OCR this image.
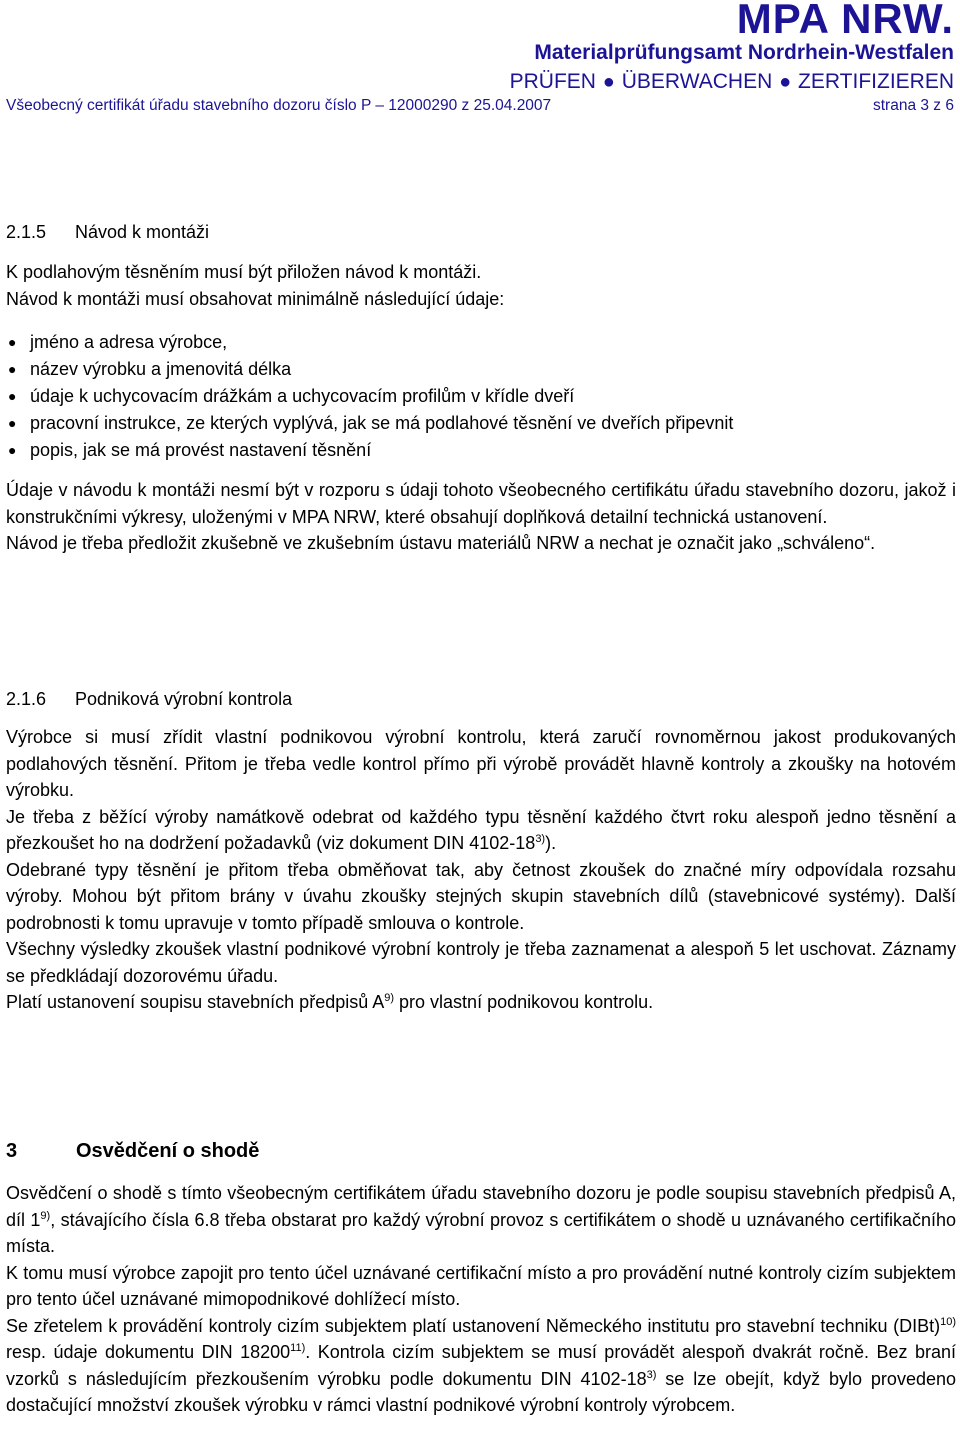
MPA NRW.
Materialprüfungsamt Nordrhein-Westfalen
PRÜFEN ● ÜBERWACHEN ● ZERTIFIZIEREN
Všeobecný certifikát úřadu stavebního dozoru číslo P – 12000290 z 25.04.2007	strana 3 z 6
2.1.5 Návod k montáži

K podlahovým těsněním musí být přiložen návod k montáži.

Návod k montáži musí obsahovat minimálně následující údaje:

● jméno a adresa výrobce,
● název výrobku a jmenovitá délka
● údaje k uchycovacím drážkám a uchycovacím profilům v křídle dveří
● pracovní instrukce, ze kterých vyplývá, jak se má podlahové těsnění ve dveřích připevnit
● popis, jak se má provést nastavení těsnění

Údaje v návodu k montáži nesmí být v rozporu s údaji tohoto všeobecného certifikátu úřadu stavebního dozoru, jakož i konstrukčními výkresy, uloženými v MPA NRW, které obsahují doplňková detailní technická ustanovení.

Návod je třeba předložit zkušebně ve zkušebním ústavu materiálů NRW a nechat je označit jako „schváleno“.

2.1.6 Podniková výrobní kontrola

Výrobce si musí zřídit vlastní podnikovou výrobní kontrolu, která zaručí rovnoměrnou jakost produkovaných podlahových těsnění. Přitom je třeba vedle kontrol přímo při výrobě provádět hlavně kontroly a zkoušky na hotovém výrobku.

Je třeba z běžící výroby namátkově odebrat od každého typu těsnění každého čtvrt roku alespoň jedno těsnění a přezkoušet ho na dodržení požadavků (viz dokument DIN 4102-18$^{3)}$).

Odebrané typy těsnění je přitom třeba obměňovat tak, aby četnost zkoušek do značné míry odpovídala rozsahu výroby. Mohou být přitom brány v úvahu zkoušky stejných skupin stavebních dílů (stavebnicové systémy). Další podrobnosti k tomu upravuje v tomto případě smlouva o kontrole.

Všechny výsledky zkoušek vlastní podnikové výrobní kontroly je třeba zaznamenat a alespoň 5 let uschovat. Záznamy se předkládají dozorovému úřadu.

Platí ustanovení soupisu stavebních předpisů $A^{9)}$ pro vlastní podnikovou kontrolu.

3	Osvědčení o shodě

Osvědčení o shodě s tímto všeobecným certifikátem úřadu stavebního dozoru je podle soupisu stavebních předpisů A, díl 1$^{9)}$, stávajícího čísla 6.8 třeba obstarat pro každý výrobní provoz s certifikátem o shodě u uznávaného certifikačního místa.

K tomu musí výrobce zapojit pro tento účel uznávané certifikační místo a pro provádění nutné kontroly cizím subjektem pro tento účel uznávané mimopodnikové dohlížecí místo.

Se zřetelem k provádění kontroly cizím subjektem platí ustanovení Německého institutu pro stavební techniku (DIBt)$^{10)}$ resp. údaje dokumentu DIN 18200$^{11)}$. Kontrola cizím subjektem se musí provádět alespoň dvakrát ročně. Bez braní vzorků s následujícím přezkoušením výrobku podle dokumentu DIN 4102-18$^{3)}$ se lze obejít, když bylo provedeno dostačující množství zkoušek výrobku v rámci vlastní podnikové výrobní kontroly výrobcem.
